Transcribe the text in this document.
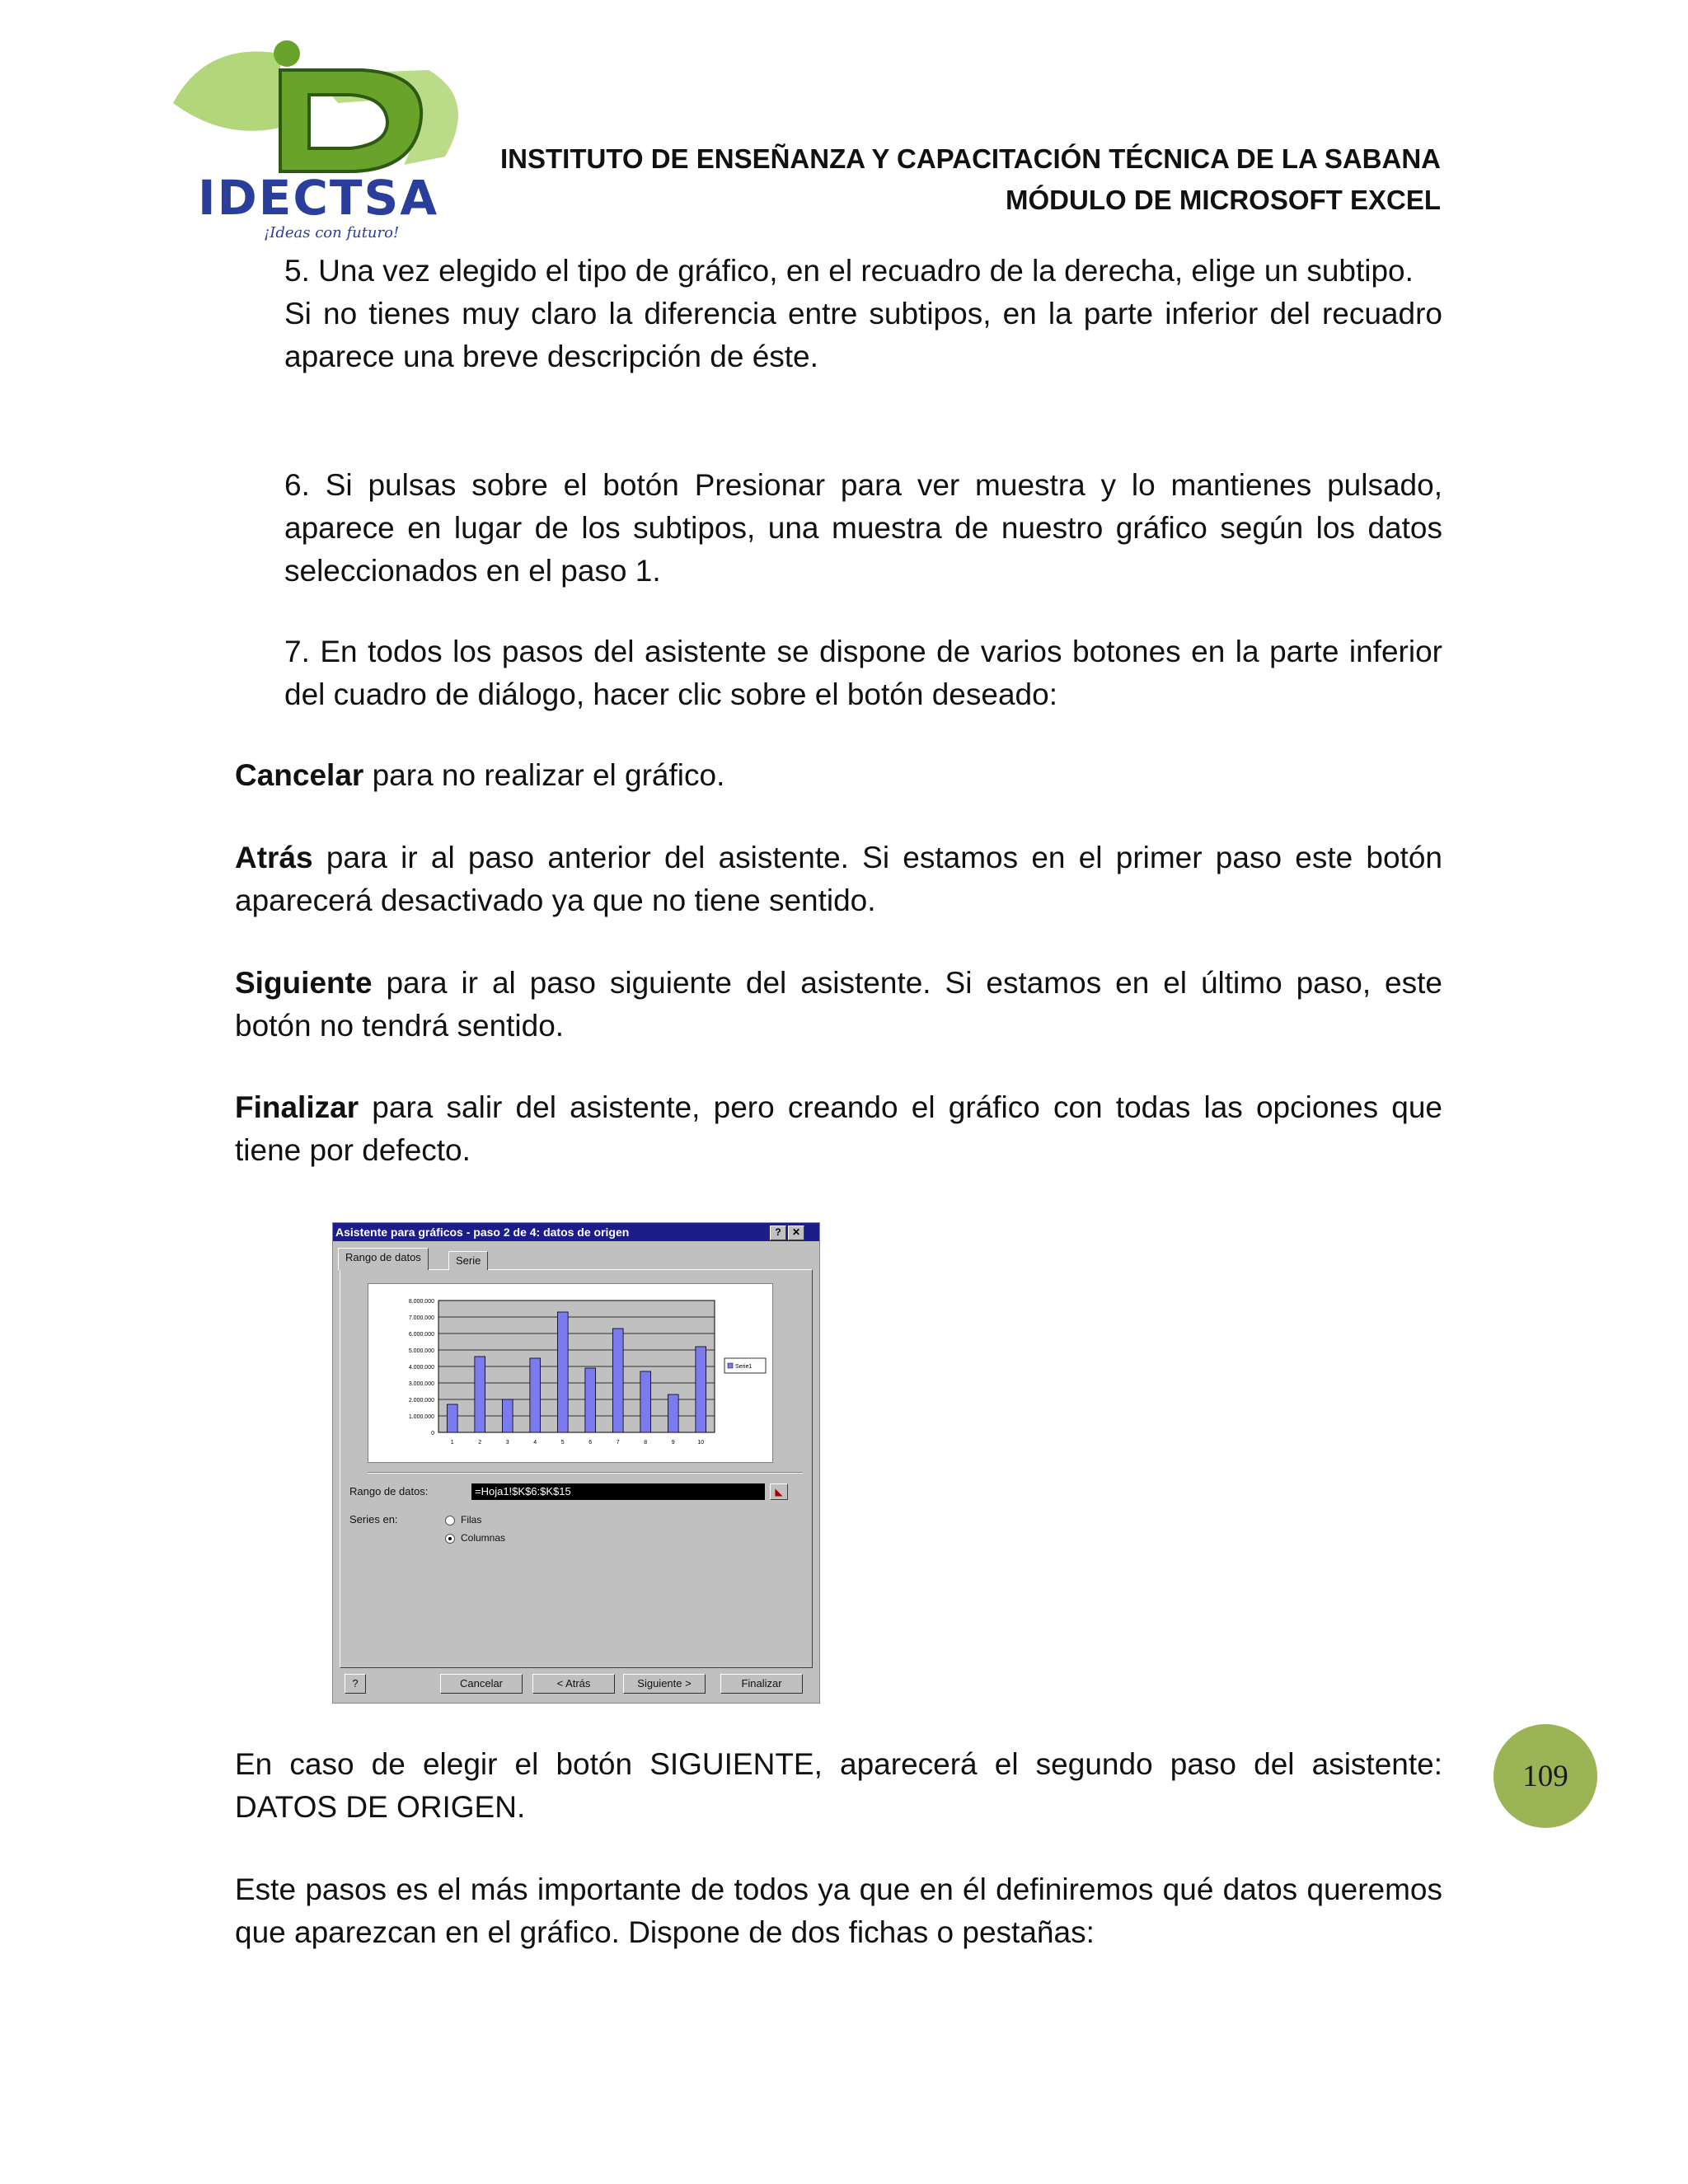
IDECTSA
¡Ideas con futuro!
INSTITUTO DE ENSEÑANZA Y CAPACITACIÓN TÉCNICA DE LA SABANA
MÓDULO DE MICROSOFT EXCEL
5. Una vez elegido el tipo de gráfico, en el recuadro de la derecha, elige un subtipo.
Si no tienes muy claro la diferencia entre subtipos, en la parte inferior del recuadro aparece una breve descripción de éste.
6. Si pulsas sobre el botón Presionar para ver muestra y lo mantienes pulsado, aparece en lugar de los subtipos, una muestra de nuestro gráfico según los datos seleccionados en el paso 1.
7. En todos los pasos del asistente se dispone de varios botones en la parte inferior del cuadro de diálogo, hacer clic sobre el botón deseado:
Cancelar para no realizar el gráfico.
Atrás para ir al paso anterior del asistente. Si estamos en el primer paso este botón aparecerá desactivado ya que no tiene sentido.
Siguiente para ir al paso siguiente del asistente. Si estamos en el último paso, este botón no tendrá sentido.
Finalizar para salir del asistente, pero creando el gráfico con todas las opciones que tiene por defecto.
Asistente para gráficos - paso 2 de 4: datos de origen	?	✕
Rango de datos	Serie
0
1.000.000
2.000.000
3.000.000
4.000.000
5.000.000
6.000.000
7.000.000
8.000.000
1	2	3	4	5	6	7	8	9	10
Serie1
Rango de datos:	=Hoja1!$K$6:$K$15	◣
Series en:	Filas
Columnas
?	Cancelar	< Atrás	Siguiente >	Finalizar
En caso de elegir el botón SIGUIENTE, aparecerá el segundo paso del asistente: DATOS DE ORIGEN.
109
Este pasos es el más importante de todos ya que en él definiremos qué datos queremos que aparezcan en el gráfico. Dispone de dos fichas o pestañas:
